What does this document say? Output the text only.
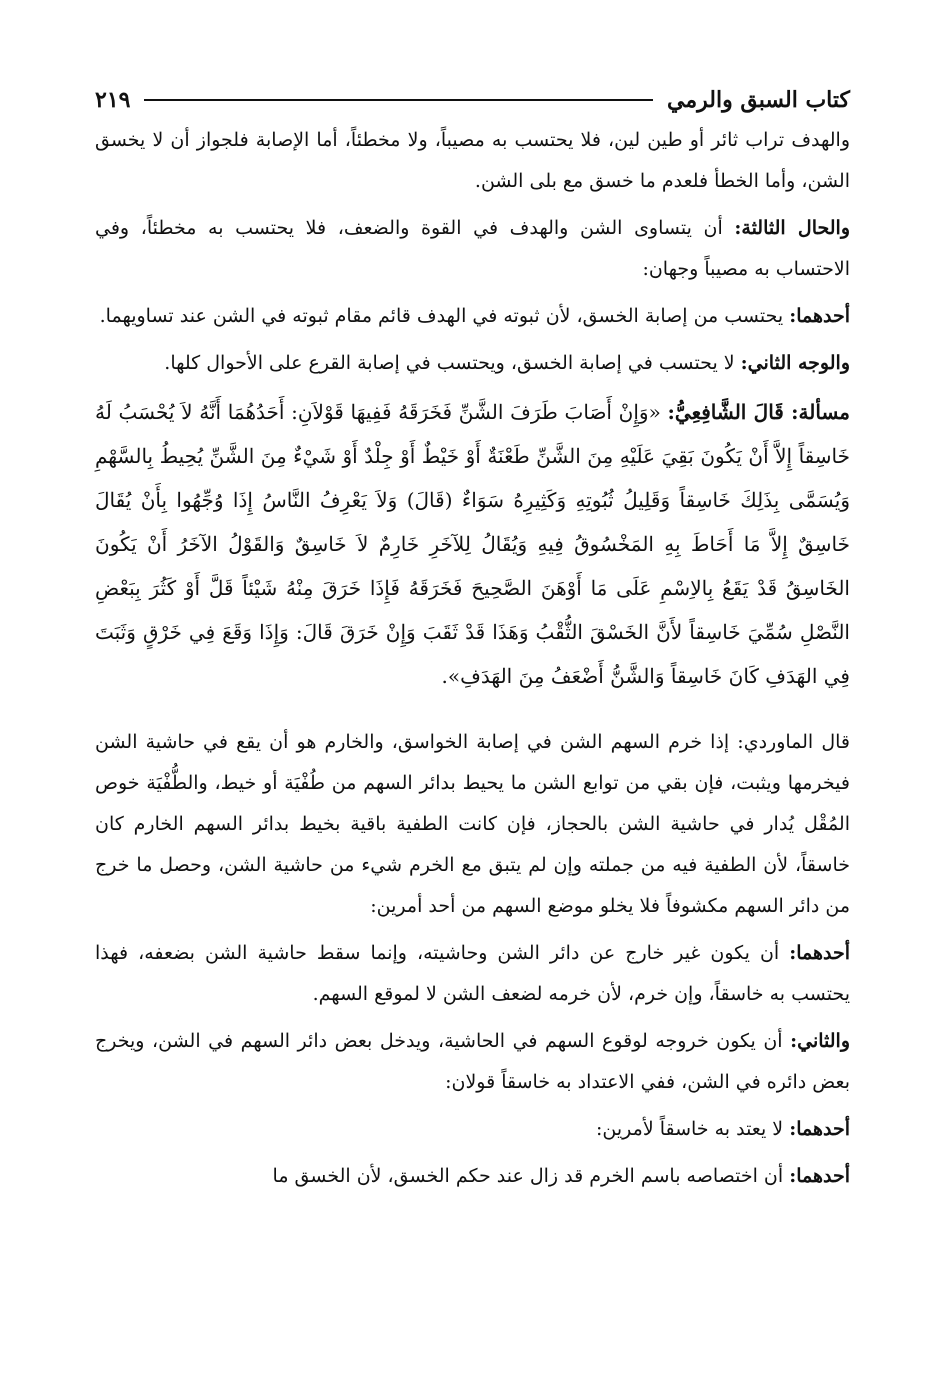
كتاب السبق والرمي
٢١٩

والهدف تراب ثائر أو طين لين، فلا يحتسب به مصيباً، ولا مخطئاً، أما الإصابة فلجواز أن لا يخسق الشن، وأما الخطأ فلعدم ما خسق مع بلى الشن.

والحال الثالثة: أن يتساوى الشن والهدف في القوة والضعف، فلا يحتسب به مخطئاً، وفي الاحتساب به مصيباً وجهان:

أحدهما: يحتسب من إصابة الخسق، لأن ثبوته في الهدف قائم مقام ثبوته في الشن عند تساويهما.

والوجه الثاني: لا يحتسب في إصابة الخسق، ويحتسب في إصابة القرع على الأحوال كلها.

مسألة: قَالَ الشَّافِعِيُّ: «وَإِنْ أَصَابَ طَرَفَ الشَّنِّ فَخَرَقَهُ فَفِيهَا قَوْلاَنِ: أَحَدُهُمَا أَنَّهُ لاَ يُحْسَبُ لَهُ خَاسِقاً إِلاَّ أَنْ يَكُونَ بَقِيَ عَلَيْهِ مِنَ الشَّنِّ طَعْنَةٌ أَوْ خَيْطٌ أَوْ جِلْدٌ أَوْ شَيْءٌ مِنَ الشَّنِّ يُحِيطُ بِالسَّهْمِ وَيُسَمَّى بِذَلِكَ خَاسِقاً وَقَلِيلُ ثُبُوتِهِ وَكَثِيرِهُ سَوَاءٌ (قَالَ) وَلاَ يَعْرِفُ النَّاسُ إِذَا وُجِّهُوا بِأَنْ يُقَالَ خَاسِقٌ إِلاَّ مَا أَحَاطَ بِهِ المَخْسُوقُ فِيهِ وَيُقَالُ لِلآخَرِ خَارِمٌ لاَ خَاسِقٌ وَالقَوْلُ الآخَرُ أَنْ يَكُونَ الخَاسِقُ قَدْ يَقَعُ بِالاِسْمِ عَلَى مَا أَوْهَنَ الصَّحِيحَ فَخَرَقَهُ فَإِذَا خَرَقَ مِنْهُ شَيْئاً قَلَّ أَوْ كَثُرَ بِبَعْضِ النَّصْلِ سُمِّيَ خَاسِقاً لأَنَّ الخَسْقَ الثُّقْبُ وَهَذَا قَدْ ثَقَبَ وَإِنْ خَرَقَ قَالَ: وَإِذَا وَقَعَ فِي خَرْقٍ وَثَبَتَ فِي الهَدَفِ كَانَ خَاسِقاً وَالشَّنُّ أَضْعَفُ مِنَ الهَدَفِ».

قال الماوردي: إذا خرم السهم الشن في إصابة الخواسق، والخارم هو أن يقع في حاشية الشن فيخرمها ويثبت، فإن بقي من توابع الشن ما يحيط بدائر السهم من طُفْيَة أو خيط، والطُّفْيَة خوص المُقْل يُدار في حاشية الشن بالحجاز، فإن كانت الطفية باقية بخيط بدائر السهم الخارم كان خاسقاً، لأن الطفية فيه من جملته وإن لم يتبق مع الخرم شيء من حاشية الشن، وحصل ما خرج من دائر السهم مكشوفاً فلا يخلو موضع السهم من أحد أمرين:

أحدهما: أن يكون غير خارج عن دائر الشن وحاشيته، وإنما سقط حاشية الشن بضعفه، فهذا يحتسب به خاسقاً، وإن خرم، لأن خرمه لضعف الشن لا لموقع السهم.

والثاني: أن يكون خروجه لوقوع السهم في الحاشية، ويدخل بعض دائر السهم في الشن، ويخرج بعض دائره في الشن، ففي الاعتداد به خاسقاً قولان:

أحدهما: لا يعتد به خاسقاً لأمرين:

أحدهما: أن اختصاصه باسم الخرم قد زال عند حكم الخسق، لأن الخسق ما
